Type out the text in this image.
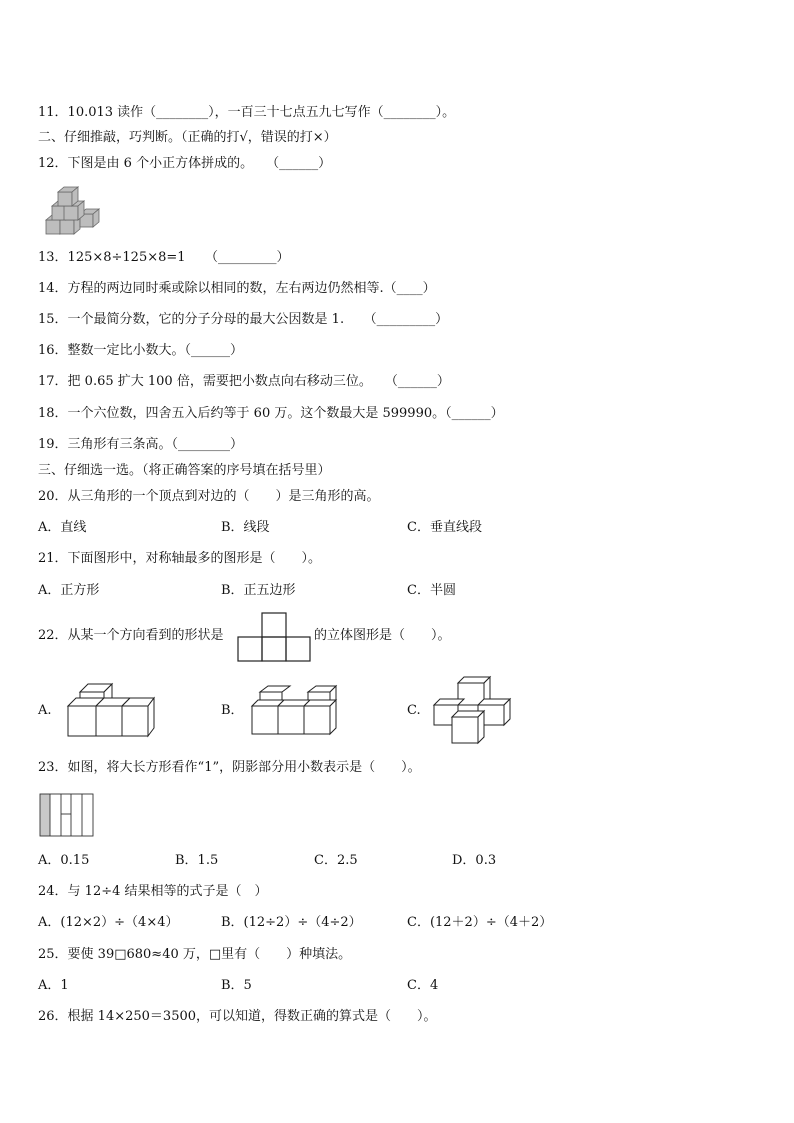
11．10.013 读作（________），一百三十七点五九七写作（________）。
二、仔细推敲，巧判断。（正确的打√，错误的打×）
12．下图是由 6 个小正方体拼成的。　　（______）
13．125×8÷125×8=1　　（_________）
14．方程的两边同时乘或除以相同的数，左右两边仍然相等.（____）
15．一个最简分数，它的分子分母的最大公因数是 1.　　（_________）
16．整数一定比小数大。（______）
17．把 0.65 扩大 100 倍，需要把小数点向右移动三位。　　（______）
18．一个六位数，四舍五入后约等于 60 万。这个数最大是 599990。（______）
19．三角形有三条高。（________）
三、仔细选一选。（将正确答案的序号填在括号里）
20．从三角形的一个顶点到对边的（　　）是三角形的高。
A．直线	B．线段	C．垂直线段
21．下面图形中，对称轴最多的图形是（　　）。
A．正方形	B．正五边形	C．半圆
22．从某一个方向看到的形状是	的立体图形是（　　）。
A.	B．	C.
23．如图，将大长方形看作“1”，阴影部分用小数表示是（　　）。
A．0.15	B．1.5	C．2.5	D．0.3
24．与 12÷4 结果相等的式子是（　）
A．(12×2）÷（4×4）	B．(12÷2）÷（4÷2）	C．(12＋2）÷（4＋2）
25．要使 39□680≈40 万，□里有（　　）种填法。
A．1	B．5	C．4
26．根据 14×250＝3500，可以知道，得数正确的算式是（　　）。
